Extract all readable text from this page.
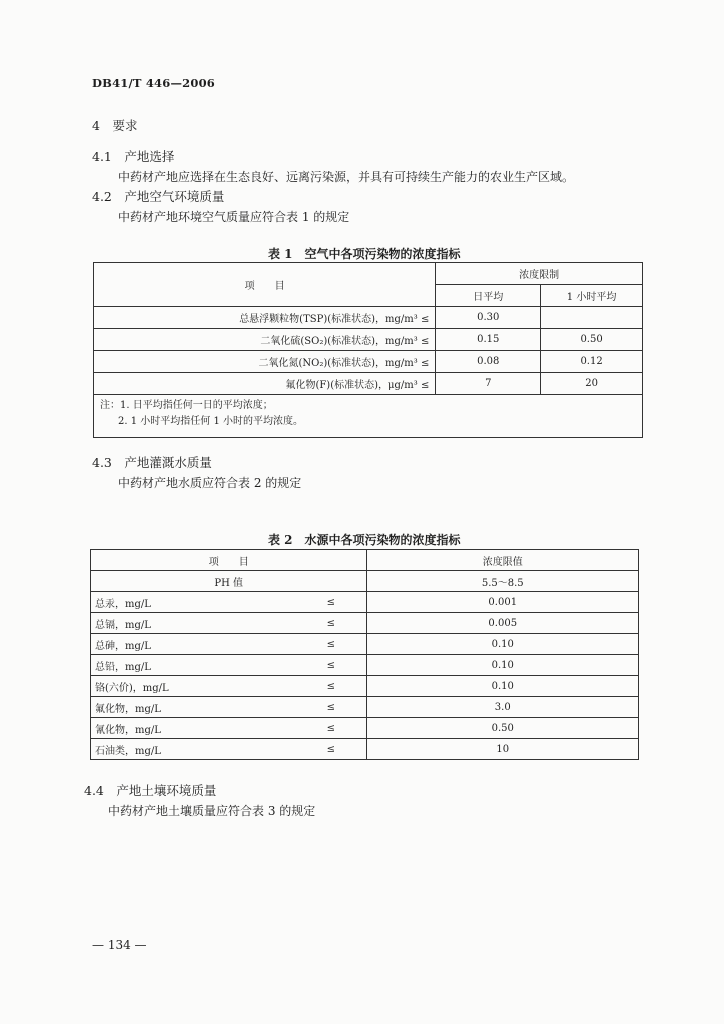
DB41/T 446—2006
4　要求
4.1　产地选择
中药材产地应选择在生态良好、远离污染源，并具有可持续生产能力的农业生产区域。
4.2　产地空气环境质量
中药材产地环境空气质量应符合表 1 的规定
表 1　空气中各项污染物的浓度指标
项　　目	浓度限制	
	日平均	1 小时平均
总悬浮颗粒物(TSP)(标准状态)，mg/m³ ≤	0.30	
二氧化硫(SO₂)(标准状态)，mg/m³ ≤	0.15	0.50
二氧化氮(NO₂)(标准状态)，mg/m³ ≤	0.08	0.12
氟化物(F)(标准状态)，μg/m³ ≤	7	20

注：1. 日平均指任何一日的平均浓度；
2. 1 小时平均指任何 1 小时的平均浓度。		
4.3　产地灌溉水质量
中药材产地水质应符合表 2 的规定
表 2　水源中各项污染物的浓度指标
项　　目		浓度限值
PH 值		5.5～8.5
总汞，mg/L	≤	0.001
总镉，mg/L	≤	0.005
总砷，mg/L	≤	0.10
总铅，mg/L	≤	0.10
铬(六价)，mg/L	≤	0.10
氟化物，mg/L	≤	3.0
氰化物，mg/L	≤	0.50
石油类，mg/L	≤	10
4.4　产地土壤环境质量
中药材产地土壤质量应符合表 3 的规定
— 134 —
